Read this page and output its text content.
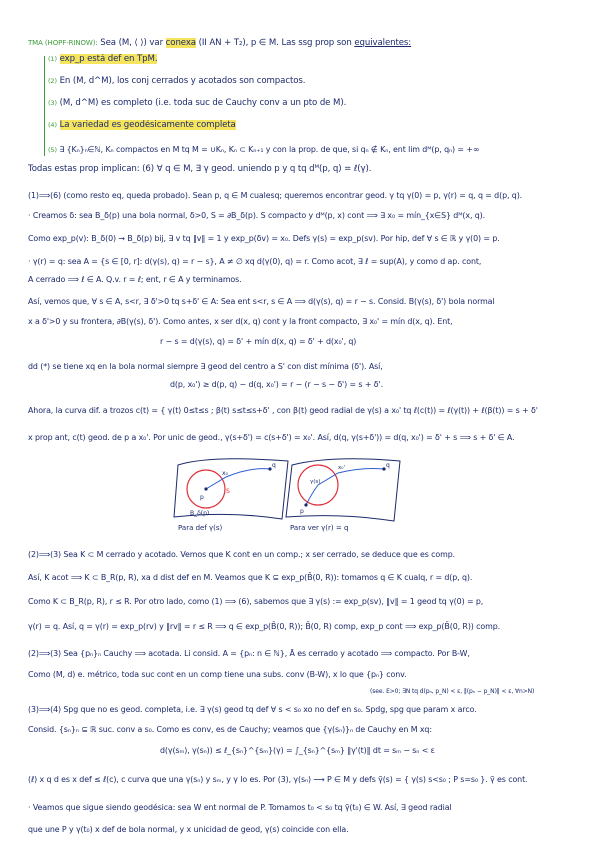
TMA (HOPF-RINOW): Sea (M, ⟨ ⟩) var conexa (II AN + T₂), p ∈ M. Las ssg prop son equivalentes:
(1) exp_p está def en TpM.
(2) En (M, d^M), los conj cerrados y acotados son compactos.
(3) (M, d^M) es completo (i.e. toda suc de Cauchy conv a un pto de M).
(4) La variedad es geodésicamente completa
(5) ∃ {Kₙ}ₙ∈ℕ, Kₙ compactos en M tq M = ∪Kₙ, Kₙ ⊂ Kₙ₊₁ y con la prop. de que, si qₙ ∉ Kₙ, ent lim dᴹ(p, qₙ) = +∞
Todas estas prop implican: (6) ∀ q ∈ M, ∃ γ geod. uniendo p y q tq dᴹ(p, q) = ℓ(γ).
(1)⟹(6) (como resto eq, queda probado). Sean p, q ∈ M cualesq; queremos encontrar geod. γ tq γ(0) = p, γ(r) = q, q = d(p, q).
· Creamos δ: sea B_δ(p) una bola normal, δ>0, S = ∂B_δ(p). S compacto y dᴹ(p, x) cont ⟹ ∃ x₀ = mín_{x∈S} dᴹ(x, q).
Como exp_p(v): B_δ(0) → B_δ(p) bij, ∃ v tq ‖v‖ = 1 y exp_p(δv) = x₀. Defs γ(s) = exp_p(sv). Por hip, def ∀ s ∈ ℝ y γ(0) = p.
· γ(r) = q: sea A = {s ∈ [0, r]: d(γ(s), q) = r − s}, A ≠ ∅ xq d(γ(0), q) = r. Como acot, ∃ ℓ = sup(A), y como d ap. cont,
A cerrado ⟹ ℓ ∈ A. Q.v. r = ℓ; ent, r ∈ A y terminamos.
Así, vemos que, ∀ s ∈ A, s<r, ∃ δ'>0 tq s+δ' ∈ A: Sea ent s<r, s ∈ A ⟹ d(γ(s), q) = r − s. Consid. B(γ(s), δ') bola normal
x a δ'>0 y su frontera, ∂B(γ(s), δ'). Como antes, x ser d(x, q) cont y la front compacto, ∃ x₀' = mín d(x, q). Ent,
r − s = d(γ(s), q) = δ' + mín d(x, q) = δ' + d(x₀', q)
dd (*) se tiene xq en la bola normal siempre ∃ geod del centro a S' con dist mínima (δ'). Así,
d(p, x₀') ≥ d(p, q) − d(q, x₀') = r − (r − s − δ') = s + δ'.
Ahora, la curva dif. a trozos c(t) = { γ(t) 0≤t≤s ; β(t) s≤t≤s+δ' , con β(t) geod radial de γ(s) a x₀' tq ℓ(c(t)) = ℓ(γ(t)) + ℓ(β(t)) = s + δ'
x prop ant, c(t) geod. de p a x₀'. Por unic de geod., γ(s+δ') = c(s+δ') = x₀'. Así, d(q, γ(s+δ')) = d(q, x₀') = δ' + s ⟹ s + δ' ∈ A.
p
q
x₀
S
B_δ(p)
Para def γ(s)
p
q
γ(s)
x₀'
Para ver γ(r) = q
(2)⟹(3) Sea K ⊂ M cerrado y acotado. Vemos que K cont en un comp.; x ser cerrado, se deduce que es comp.
Así, K acot ⟹ K ⊂ B_R(p, R), xa d dist def en M. Veamos que K ⊆ exp_p(B̄(0, R)): tomamos q ∈ K cualq, r = d(p, q).
Como K ⊂ B_R(p, R), r ≤ R. Por otro lado, como (1) ⟹ (6), sabemos que ∃ γ(s) := exp_p(sv), ‖v‖ = 1 geod tq γ(0) = p,
γ(r) = q. Así, q = γ(r) = exp_p(rv) y ‖rv‖ = r ≤ R ⟹ q ∈ exp_p(B̄(0, R)); B̄(0, R) comp, exp_p cont ⟹ exp_p(B̄(0, R)) comp.
(2)⟹(3) Sea {pₙ}ₙ Cauchy ⟹ acotada. Li consid. A = {pₙ: n ∈ ℕ}, Ā es cerrado y acotado ⟹ compacto. Por B-W,
Como (M, d) e. métrico, toda suc cont en un comp tiene una subs. conv (B-W), x lo que {pₙ} conv.
(see. E>0; ∃N tq d(pₙ, p_N) < ε, ‖(pₙ − p_N)‖ < ε, ∀n>N)
(3)⟹(4) Spg que no es geod. completa, i.e. ∃ γ(s) geod tq def ∀ s < s₀ xo no def en s₀. Spdg, spg que param x arco.
Consid. {sₙ}ₙ ⊆ ℝ suc. conv a s₀. Como es conv, es de Cauchy; veamos que {γ(sₙ)}ₙ de Cauchy en M xq:
d(γ(sₘ), γ(sₙ)) ≤ ℓ_{sₙ}^{sₘ}(γ) = ∫_{sₙ}^{sₘ} ‖γ'(t)‖ dt = sₘ − sₙ < ε
(ℓ) x q d es x def ≤ ℓ(c), c curva que una γ(sₙ) y sₘ, y γ lo es. Por (3), γ(sₙ) ⟶ P ∈ M y defs γ̃(s) = { γ(s) s<s₀ ; P s=s₀ }. γ̃ es cont.
· Veamos que sigue siendo geodésica: sea W ent normal de P. Tomamos t₀ < s₀ tq γ̃(t₀) ∈ W. Así, ∃ geod radial
que une P y γ(t₀) x def de bola normal, y x unicidad de geod, γ(s) coincide con ella.
